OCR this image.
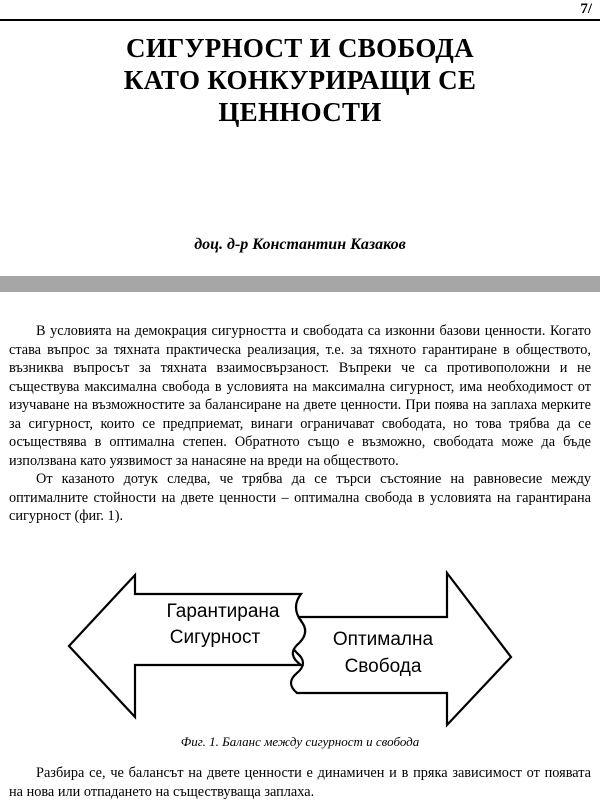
7/
СИГУРНОСТ И СВОБОДА
КАТО КОНКУРИРАЩИ СЕ
ЦЕННОСТИ
доц. д-р Константин Казаков

В условията на демокрация сигурността и свободата са изконни базови ценности. Когато става въпрос за тяхната практическа реализация, т.е. за тяхното гарантиране в обществото, възниква въпросът за тяхната взаимосвързаност. Въпреки че са противоположни и не съществува максимална свобода в условията на максимална сигурност, има необходимост от изучаване на възможностите за балансиране на двете ценности. При поява на заплаха мерките за сигурност, които се предприемат, винаги ограничават свободата, но това трябва да се осъществява в оптимална степен. Обратното също е възможно, свободата може да бъде използвана като уязвимост за нанасяне на вреди на обществото.

От казаното дотук следва, че трябва да се търси състояние на равновесие между оптималните стойности на двете ценности – оптимална свобода в условията на гарантирана сигурност (фиг. 1).

Гарантирана
Сигурност	Оптимална
Свобода
Фиг. 1. Баланс между сигурност и свобода

Разбира се, че балансът на двете ценности е динамичен и в пряка зависимост от появата на нова или отпадането на съществуваща заплаха.
